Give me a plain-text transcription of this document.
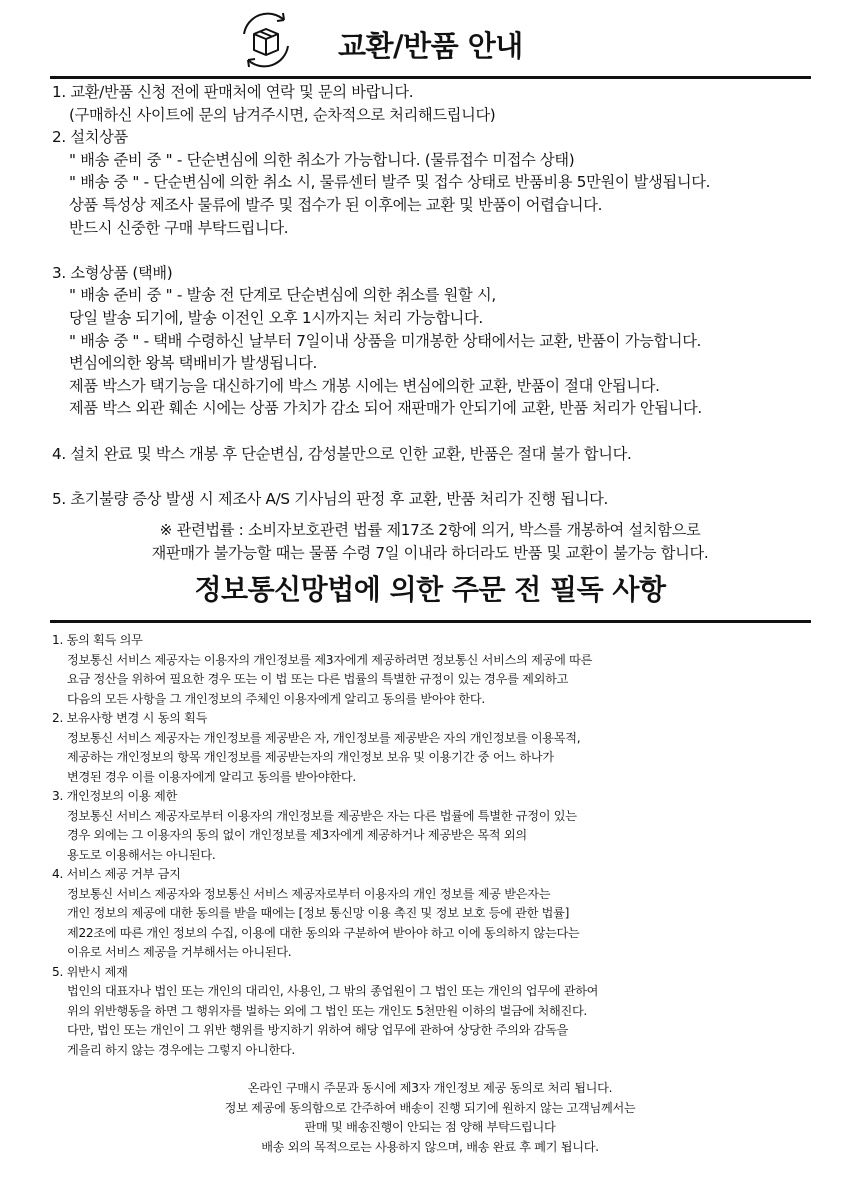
교환/반품 안내
1. 교환/반품 신청 전에 판매처에 연락 및 문의 바랍니다.
(구매하신 사이트에 문의 남겨주시면, 순차적으로 처리해드립니다)
2. 설치상품
" 배송 준비 중 " - 단순변심에 의한 취소가 가능합니다. (물류접수 미접수 상태)
" 배송 중 " - 단순변심에 의한 취소 시, 물류센터 발주 및 접수 상태로 반품비용 5만원이 발생됩니다.
상품 특성상 제조사 물류에 발주 및 접수가 된 이후에는 교환 및 반품이 어렵습니다.
반드시 신중한 구매 부탁드립니다.
3. 소형상품 (택배)
" 배송 준비 중 " - 발송 전 단계로 단순변심에 의한 취소를 원할 시,
당일 발송 되기에, 발송 이전인 오후 1시까지는 처리 가능합니다.
" 배송 중 " - 택배 수령하신 날부터 7일이내 상품을 미개봉한 상태에서는 교환, 반품이 가능합니다.
변심에의한 왕복 택배비가 발생됩니다.
제품 박스가 택기능을 대신하기에 박스 개봉 시에는 변심에의한 교환, 반품이 절대 안됩니다.
제품 박스 외관 훼손 시에는 상품 가치가 감소 되어 재판매가 안되기에 교환, 반품 처리가 안됩니다.
4. 설치 완료 및 박스 개봉 후 단순변심, 감성불만으로 인한 교환, 반품은 절대 불가 합니다.
5. 초기불량 증상 발생 시 제조사 A/S 기사님의 판정 후 교환, 반품 처리가 진행 됩니다.
※ 관련법률 : 소비자보호관련 법률 제17조 2항에 의거, 박스를 개봉하여 설치함으로
재판매가 불가능할 때는 물품 수령 7일 이내라 하더라도 반품 및 교환이 불가능 합니다.
정보통신망법에 의한 주문 전 필독 사항
1. 동의 획득 의무
정보통신 서비스 제공자는 이용자의 개인정보를 제3자에게 제공하려면 정보통신 서비스의 제공에 따른
요금 정산을 위하여 필요한 경우 또는 이 법 또는 다른 법률의 특별한 규정이 있는 경우를 제외하고
다음의 모든 사항을 그 개인정보의 주체인 이용자에게 알리고 동의를 받아야 한다.
2. 보유사항 변경 시 동의 획득
정보통신 서비스 제공자는 개인정보를 제공받은 자, 개인정보를 제공받은 자의 개인정보를 이용목적,
제공하는 개인정보의 항목 개인정보를 제공받는자의 개인정보 보유 및 이용기간 중 어느 하나가
변경된 경우 이를 이용자에게 알리고 동의를 받아야한다.
3. 개인정보의 이용 제한
정보통신 서비스 제공자로부터 이용자의 개인정보를 제공받은 자는 다른 법률에 특별한 규정이 있는
경우 외에는 그 이용자의 동의 없이 개인정보를 제3자에게 제공하거나 제공받은 목적 외의
용도로 이용해서는 아니된다.
4. 서비스 제공 거부 금지
정보통신 서비스 제공자와 정보통신 서비스 제공자로부터 이용자의 개인 정보를 제공 받은자는
개인 정보의 제공에 대한 동의를 받을 때에는 [정보 통신망 이용 촉진 및 정보 보호 등에 관한 법률]
제22조에 따른 개인 정보의 수집, 이용에 대한 동의와 구분하여 받아야 하고 이에 동의하지 않는다는
이유로 서비스 제공을 거부해서는 아니된다.
5. 위반시 제재
법인의 대표자나 법인 또는 개인의 대리인, 사용인, 그 밖의 종업원이 그 법인 또는 개인의 업무에 관하여
위의 위반행동을 하면 그 행위자를 벌하는 외에 그 법인 또는 개인도 5천만원 이하의 벌금에 처해진다.
다만, 법인 또는 개인이 그 위반 행위를 방지하기 위하여 해당 업무에 관하여 상당한 주의와 감독을
게을리 하지 않는 경우에는 그렇지 아니한다.
온라인 구매시 주문과 동시에 제3자 개인정보 제공 동의로 처리 됩니다.
정보 제공에 동의함으로 간주하여 배송이 진행 되기에 원하지 않는 고객님께서는
판매 및 배송진행이 안되는 점 양해 부탁드립니다
배송 외의 목적으로는 사용하지 않으며, 배송 완료 후 폐기 됩니다.
